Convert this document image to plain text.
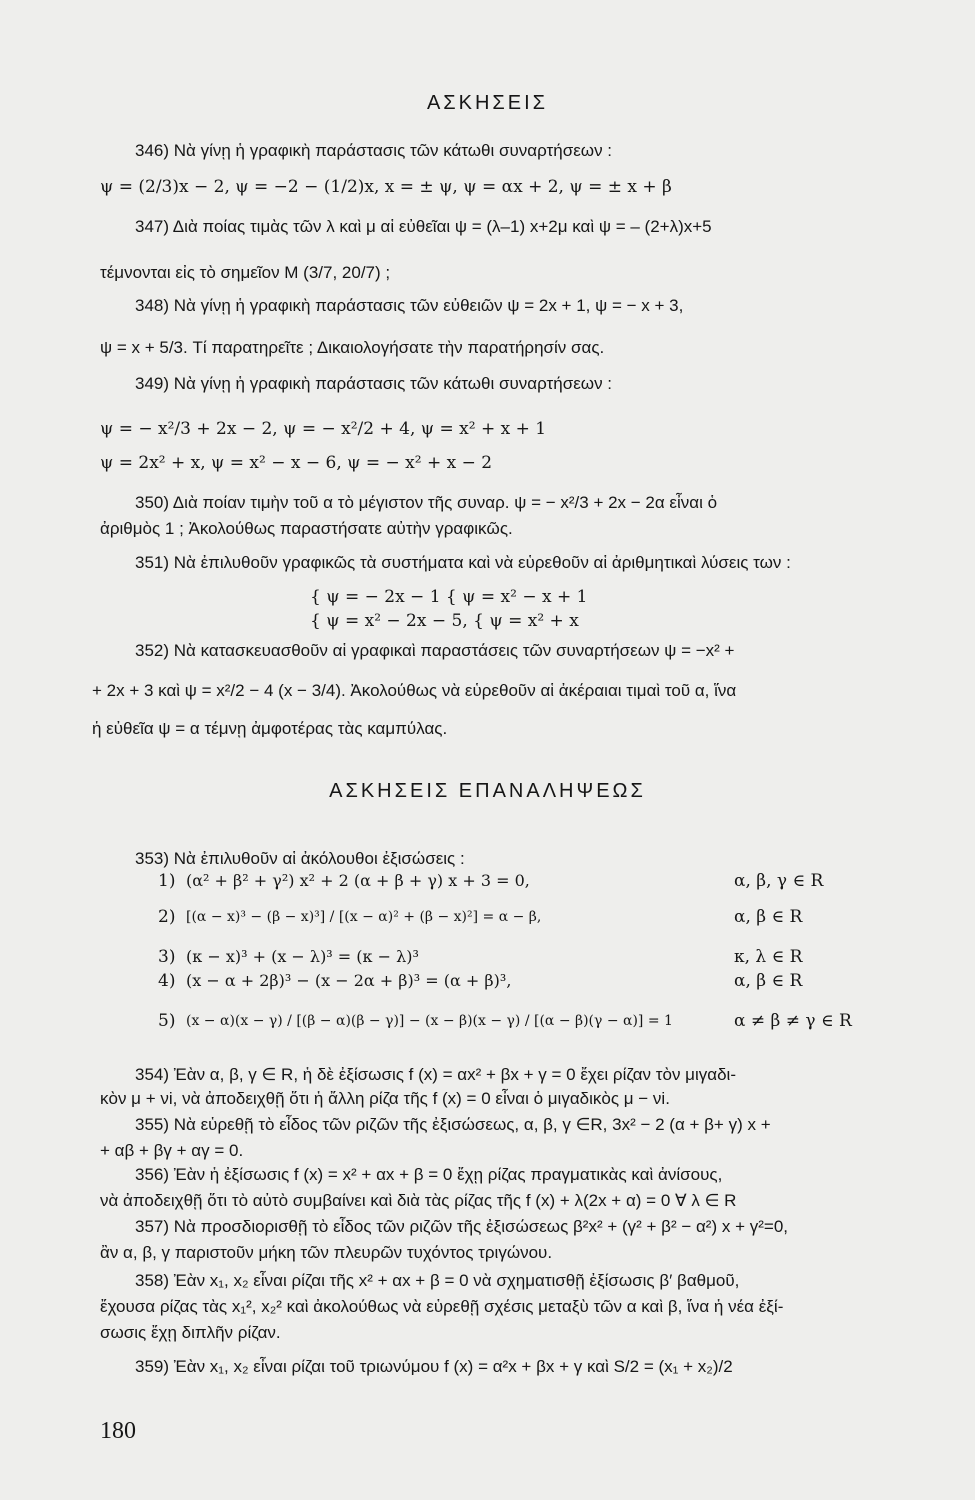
ΑΣΚΗΣΕΙΣ
346) Νὰ γίνῃ ἡ γραφικὴ παράστασις τῶν κάτωθι συναρτήσεων :
ψ = (2/3)x − 2, ψ = −2 − (1/2)x, x = ± ψ, ψ = αx + 2, ψ = ± x + β
347) Διὰ ποίας τιμὰς τῶν λ καὶ μ αἱ εὐθεῖαι ψ = (λ–1) x+2μ καὶ ψ = – (2+λ)x+5
τέμνονται εἰς τὸ σημεῖον M (3/7, 20/7) ;
348) Νὰ γίνῃ ἡ γραφικὴ παράστασις τῶν εὐθειῶν ψ = 2x + 1, ψ = − x + 3,
ψ = x + 5/3. Τί παρατηρεῖτε ; Δικαιολογήσατε τὴν παρατήρησίν σας.
349) Νὰ γίνῃ ἡ γραφικὴ παράστασις τῶν κάτωθι συναρτήσεων :
ψ = − x²/3 + 2x − 2, ψ = − x²/2 + 4, ψ = x² + x + 1
ψ = 2x² + x, ψ = x² − x − 6, ψ = − x² + x − 2
350) Διὰ ποίαν τιμὴν τοῦ α τὸ μέγιστον τῆς συναρ. ψ = − x²/3 + 2x − 2α εἶναι ὁ
ἀριθμὸς 1 ; Ἀκολούθως παραστήσατε αὐτὴν γραφικῶς.
351) Νὰ ἐπιλυθοῦν γραφικῶς τὰ συστήματα καὶ νὰ εὑρεθοῦν αἱ ἀριθμητικαὶ λύσεις των :
{ ψ = − 2x − 1 { ψ = x² − x + 1
{ ψ = x² − 2x − 5, { ψ = x² + x
352) Νὰ κατασκευασθοῦν αἱ γραφικαὶ παραστάσεις τῶν συναρτήσεων ψ = −x² +
+ 2x + 3 καὶ ψ = x²/2 − 4 (x − 3/4). Ἀκολούθως νὰ εὑρεθοῦν αἱ ἀκέραιαι τιμαὶ τοῦ α, ἵνα
ἡ εὐθεῖα ψ = α τέμνῃ ἀμφοτέρας τὰς καμπύλας.
ΑΣΚΗΣΕΙΣ ΕΠΑΝΑΛΗΨΕΩΣ
353) Νὰ ἐπιλυθοῦν αἱ ἀκόλουθοι ἐξισώσεις :
1) (α² + β² + γ²) x² + 2 (α + β + γ) x + 3 = 0,	α, β, γ ∈ R
2) [(α − x)³ − (β − x)³] / [(x − α)² + (β − x)²] = α − β,	α, β ∈ R
3) (κ − x)³ + (x − λ)³ = (κ − λ)³	κ, λ ∈ R
4) (x − α + 2β)³ − (x − 2α + β)³ = (α + β)³,	α, β ∈ R
5) (x − α)(x − γ) / [(β − α)(β − γ)] − (x − β)(x − γ) / [(α − β)(γ − α)] = 1	α ≠ β ≠ γ ∈ R
354) Ἐὰν α, β, γ ∈ R, ἡ δὲ ἐξίσωσις f (x) = αx² + βx + γ = 0 ἔχει ρίζαν τὸν μιγαδι-
κὸν μ + νi, νὰ ἀποδειχθῇ ὅτι ἡ ἄλλη ρίζα τῆς f (x) = 0 εἶναι ὁ μιγαδικὸς μ − νi.
355) Νὰ εὑρεθῇ τὸ εἶδος τῶν ριζῶν τῆς ἐξισώσεως, α, β, γ ∈R, 3x² − 2 (α + β+ γ) x +
+ αβ + βγ + αγ = 0.
356) Ἐὰν ἡ ἐξίσωσις f (x) = x² + αx + β = 0 ἔχῃ ρίζας πραγματικὰς καὶ ἀνίσους,
νὰ ἀποδειχθῇ ὅτι τὸ αὐτὸ συμβαίνει καὶ διὰ τὰς ρίζας τῆς f (x) + λ(2x + α) = 0 ∀ λ ∈ R
357) Νὰ προσδιορισθῇ τὸ εἶδος τῶν ριζῶν τῆς ἐξισώσεως β²x² + (γ² + β² − α²) x + γ²=0,
ἂν α, β, γ παριστοῦν μήκη τῶν πλευρῶν τυχόντος τριγώνου.
358) Ἐὰν x₁, x₂ εἶναι ρίζαι τῆς x² + αx + β = 0 νὰ σχηματισθῇ ἐξίσωσις β′ βαθμοῦ,
ἔχουσα ρίζας τὰς x₁², x₂² καὶ ἀκολούθως νὰ εὑρεθῇ σχέσις μεταξὺ τῶν α καὶ β, ἵνα ἡ νέα ἐξί-
σωσις ἔχῃ διπλῆν ρίζαν.
359) Ἐὰν x₁, x₂ εἶναι ρίζαι τοῦ τριωνύμου f (x) = α²x + βx + γ καὶ S/2 = (x₁ + x₂)/2
180
